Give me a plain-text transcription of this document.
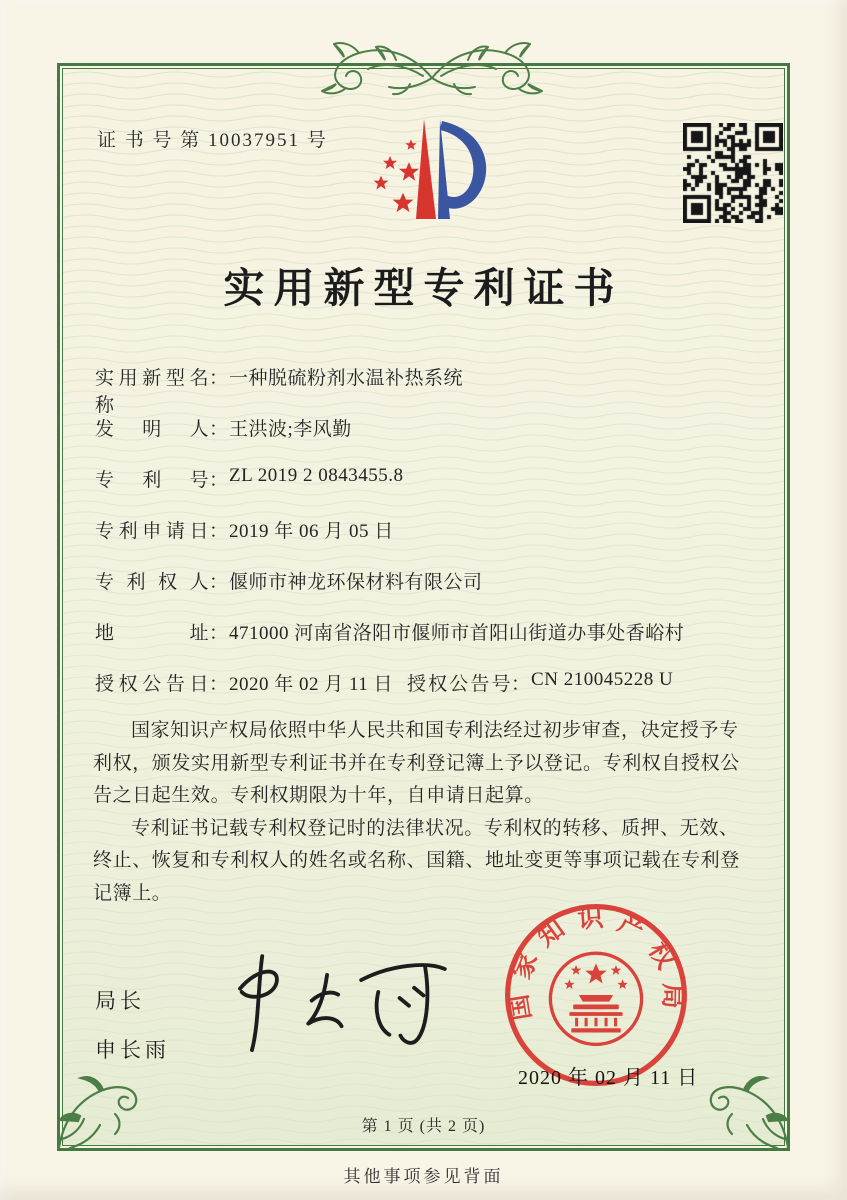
证 书 号 第 10037951 号
实用新型专利证书
实用新型名称
： 一种脱硫粉剂水温补热系统
发明人 ： 王洪波;李风勤
专利号 ： ZL 2019 2 0843455.8
专利申请日 ： 2019 年 06 月 05 日
专利权人 ： 偃师市神龙环保材料有限公司
地址 ： 471000 河南省洛阳市偃师市首阳山街道办事处香峪村
授权公告日 ： 2020 年 02 月 11 日 授权公告号 ： CN 210045228 U

国家知识产权局依照中华人民共和国专利法经过初步审查，决定授予专利权，颁发实用新型专利证书并在专利登记簿上予以登记。专利权自授权公告之日起生效。专利权期限为十年，自申请日起算。

专利证书记载专利权登记时的法律状况。专利权的转移、质押、无效、终止、恢复和专利权人的姓名或名称、国籍、地址变更等事项记载在专利登记簿上。

局长
申长雨
国家知识产权局
2020 年 02 月 11 日
第 1 页 (共 2 页)
其他事项参见背面
